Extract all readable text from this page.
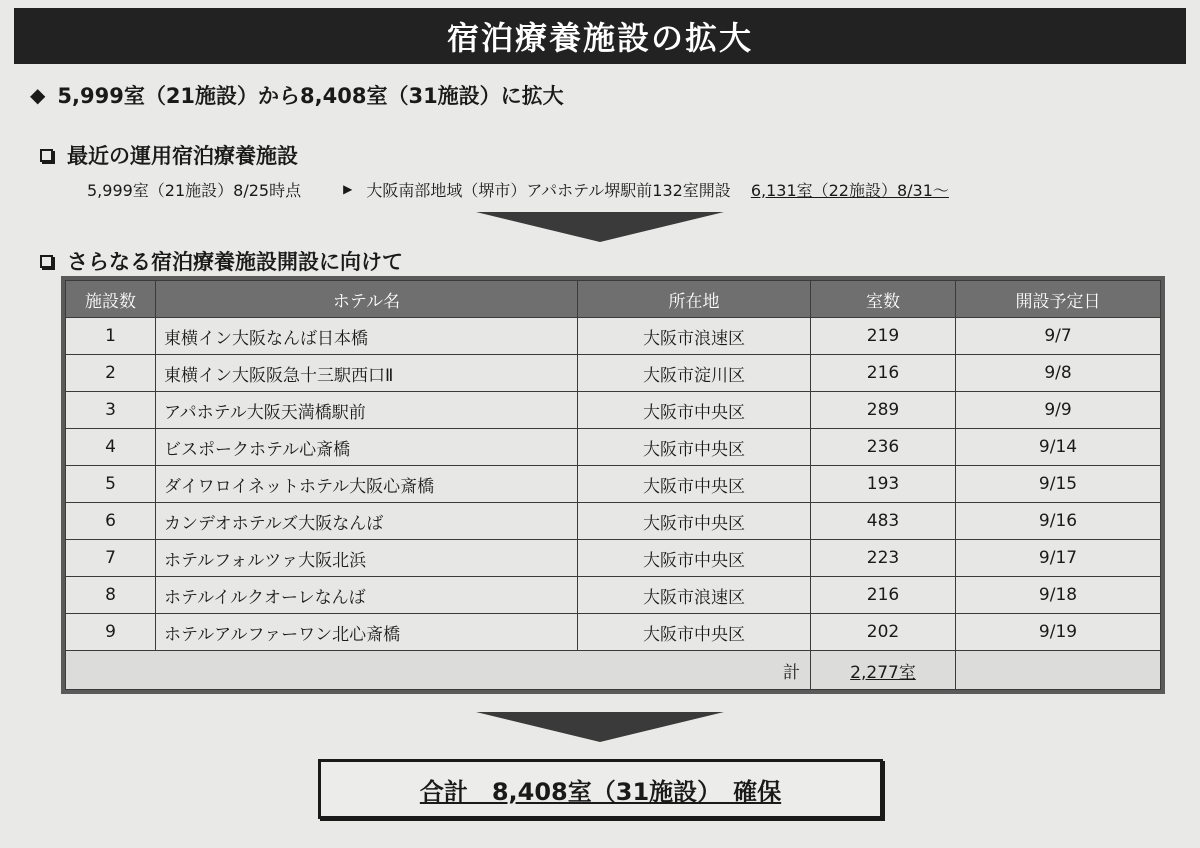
宿泊療養施設の拡大
◆ 5,999室（21施設）から8,408室（31施設）に拡大
最近の運用宿泊療養施設
5,999室（21施設）8/25時点	▶ 大阪南部地域（堺市）アパホテル堺駅前132室開設 6,131室（22施設）8/31～
さらなる宿泊療養施設開設に向けて
施設数	ホテル名	所在地	室数	開設予定日
1	東横イン大阪なんば日本橋	大阪市浪速区	219	9/7
2	東横イン大阪阪急十三駅西口Ⅱ	大阪市淀川区	216	9/8
3	アパホテル大阪天満橋駅前	大阪市中央区	289	9/9
4	ビスポークホテル心斎橋	大阪市中央区	236	9/14
5	ダイワロイネットホテル大阪心斎橋	大阪市中央区	193	9/15
6	カンデオホテルズ大阪なんば	大阪市中央区	483	9/16
7	ホテルフォルツァ大阪北浜	大阪市中央区	223	9/17
8	ホテルイルクオーレなんば	大阪市浪速区	216	9/18
9	ホテルアルファーワン北心斎橋	大阪市中央区	202	9/19
計			2,277室	
合計　8,408室（31施設）　確保
